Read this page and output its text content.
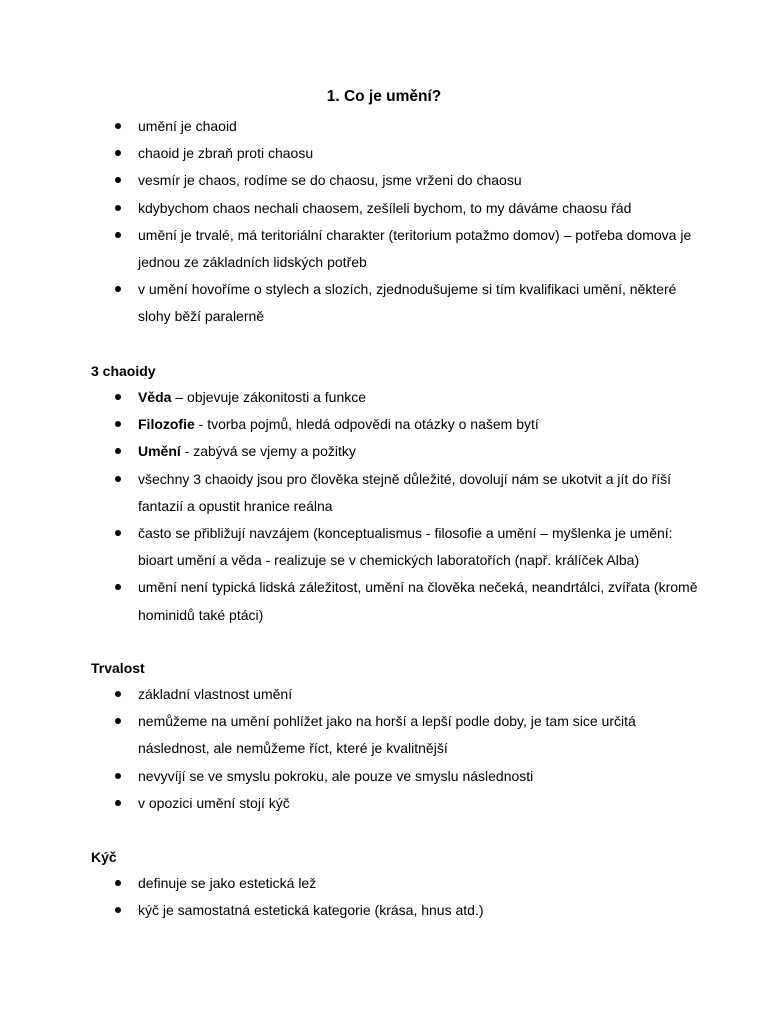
1. Co je umění?
umění je chaoid
chaoid je zbraň proti chaosu
vesmír je chaos, rodíme se do chaosu, jsme vrženi do chaosu
kdybychom chaos nechali chaosem, zešíleli bychom, to my dáváme chaosu řád
umění je trvalé, má teritoriální charakter (teritorium potažmo domov) – potřeba domova je jednou ze základních lidských potřeb
v umění hovoříme o stylech a slozích, zjednodušujeme si tím kvalifikaci umění, některé slohy běží paralerně
3 chaoidy
Věda – objevuje zákonitosti a funkce
Filozofie - tvorba pojmů, hledá odpovědi na otázky o našem bytí
Umění - zabývá se vjemy a požitky
všechny 3 chaoidy jsou pro člověka stejně důležité, dovolují nám se ukotvit a jít do říší fantazií a opustit hranice reálna
často se přibližují navzájem (konceptualismus - filosofie a umění – myšlenka je umění: bioart umění a věda - realizuje se v chemických laboratořích (např. králíček Alba)
umění není typická lidská záležitost, umění na člověka nečeká, neandrtálci, zvířata (kromě hominidů také ptáci)
Trvalost
základní vlastnost umění
nemůžeme na umění pohlížet jako na horší a lepší podle doby, je tam sice určitá následnost, ale nemůžeme říct, které je kvalitnější
nevyvíjí se ve smyslu pokroku, ale pouze ve smyslu následnosti
v opozici umění stojí kýč
Kýč
definuje se jako estetická lež
kýč je samostatná estetická kategorie (krása, hnus atd.)
